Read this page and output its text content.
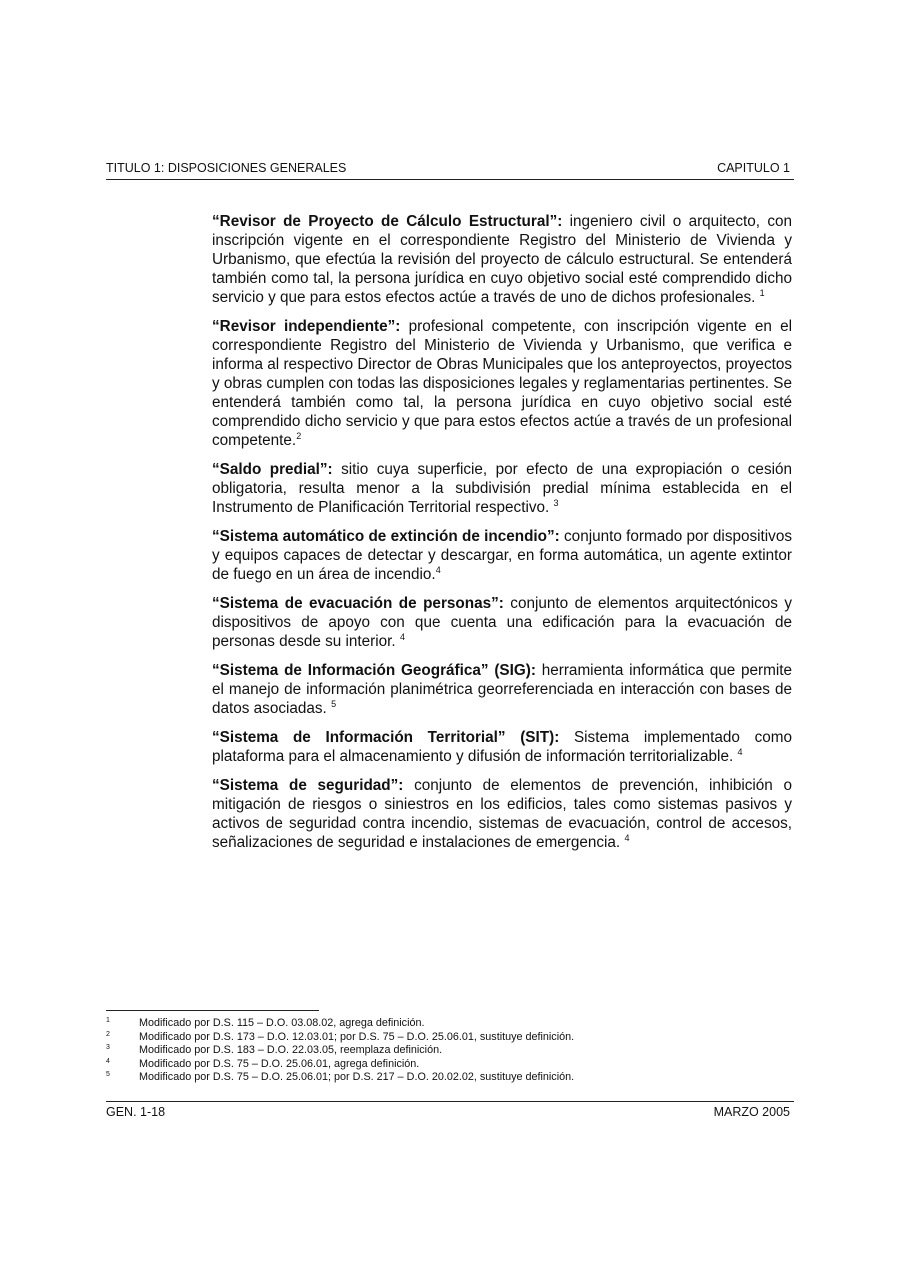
TITULO 1: DISPOSICIONES GENERALES	CAPITULO 1

“Revisor de Proyecto de Cálculo Estructural”: ingeniero civil o arquitecto, con inscripción vigente en el correspondiente Registro del Ministerio de Vivienda y Urbanismo, que efectúa la revisión del proyecto de cálculo estructural. Se entenderá también como tal, la persona jurídica en cuyo objetivo social esté comprendido dicho servicio y que para estos efectos actúe a través de uno de dichos profesionales. $^1$

“Revisor independiente”: profesional competente, con inscripción vigente en el correspondiente Registro del Ministerio de Vivienda y Urbanismo, que verifica e informa al respectivo Director de Obras Municipales que los anteproyectos, proyectos y obras cumplen con todas las disposiciones legales y reglamentarias pertinentes. Se entenderá también como tal, la persona jurídica en cuyo objetivo social esté comprendido dicho servicio y que para estos efectos actúe a través de un profesional competente.$^2$

“Saldo predial”: sitio cuya superficie, por efecto de una expropiación o cesión obligatoria, resulta menor a la subdivisión predial mínima establecida en el Instrumento de Planificación Territorial respectivo. $^3$

“Sistema automático de extinción de incendio”: conjunto formado por dispositivos y equipos capaces de detectar y descargar, en forma automática, un agente extintor de fuego en un área de incendio.$^4$

“Sistema de evacuación de personas”: conjunto de elementos arquitectónicos y dispositivos de apoyo con que cuenta una edificación para la evacuación de personas desde su interior. $^4$

“Sistema de Información Geográfica” (SIG): herramienta informática que permite el manejo de información planimétrica georreferenciada en interacción con bases de datos asociadas. $^5$

“Sistema de Información Territorial” (SIT): Sistema implementado como plataforma para el almacenamiento y difusión de información territorializable. $^4$

“Sistema de seguridad”: conjunto de elementos de prevención, inhibición o mitigación de riesgos o siniestros en los edificios, tales como sistemas pasivos y activos de seguridad contra incendio, sistemas de evacuación, control de accesos, señalizaciones de seguridad e instalaciones de emergencia. $^4$

1	Modificado por D.S. 115 – D.O. 03.08.02, agrega definición.
2	Modificado por D.S. 173 – D.O. 12.03.01; por D.S. 75 – D.O. 25.06.01, sustituye definición.
3	Modificado por D.S. 183 – D.O. 22.03.05, reemplaza definición.
4	Modificado por D.S. 75 – D.O. 25.06.01, agrega definición.
5	Modificado por D.S. 75 – D.O. 25.06.01; por D.S. 217 – D.O. 20.02.02, sustituye definición.
GEN. 1-18	MARZO 2005
